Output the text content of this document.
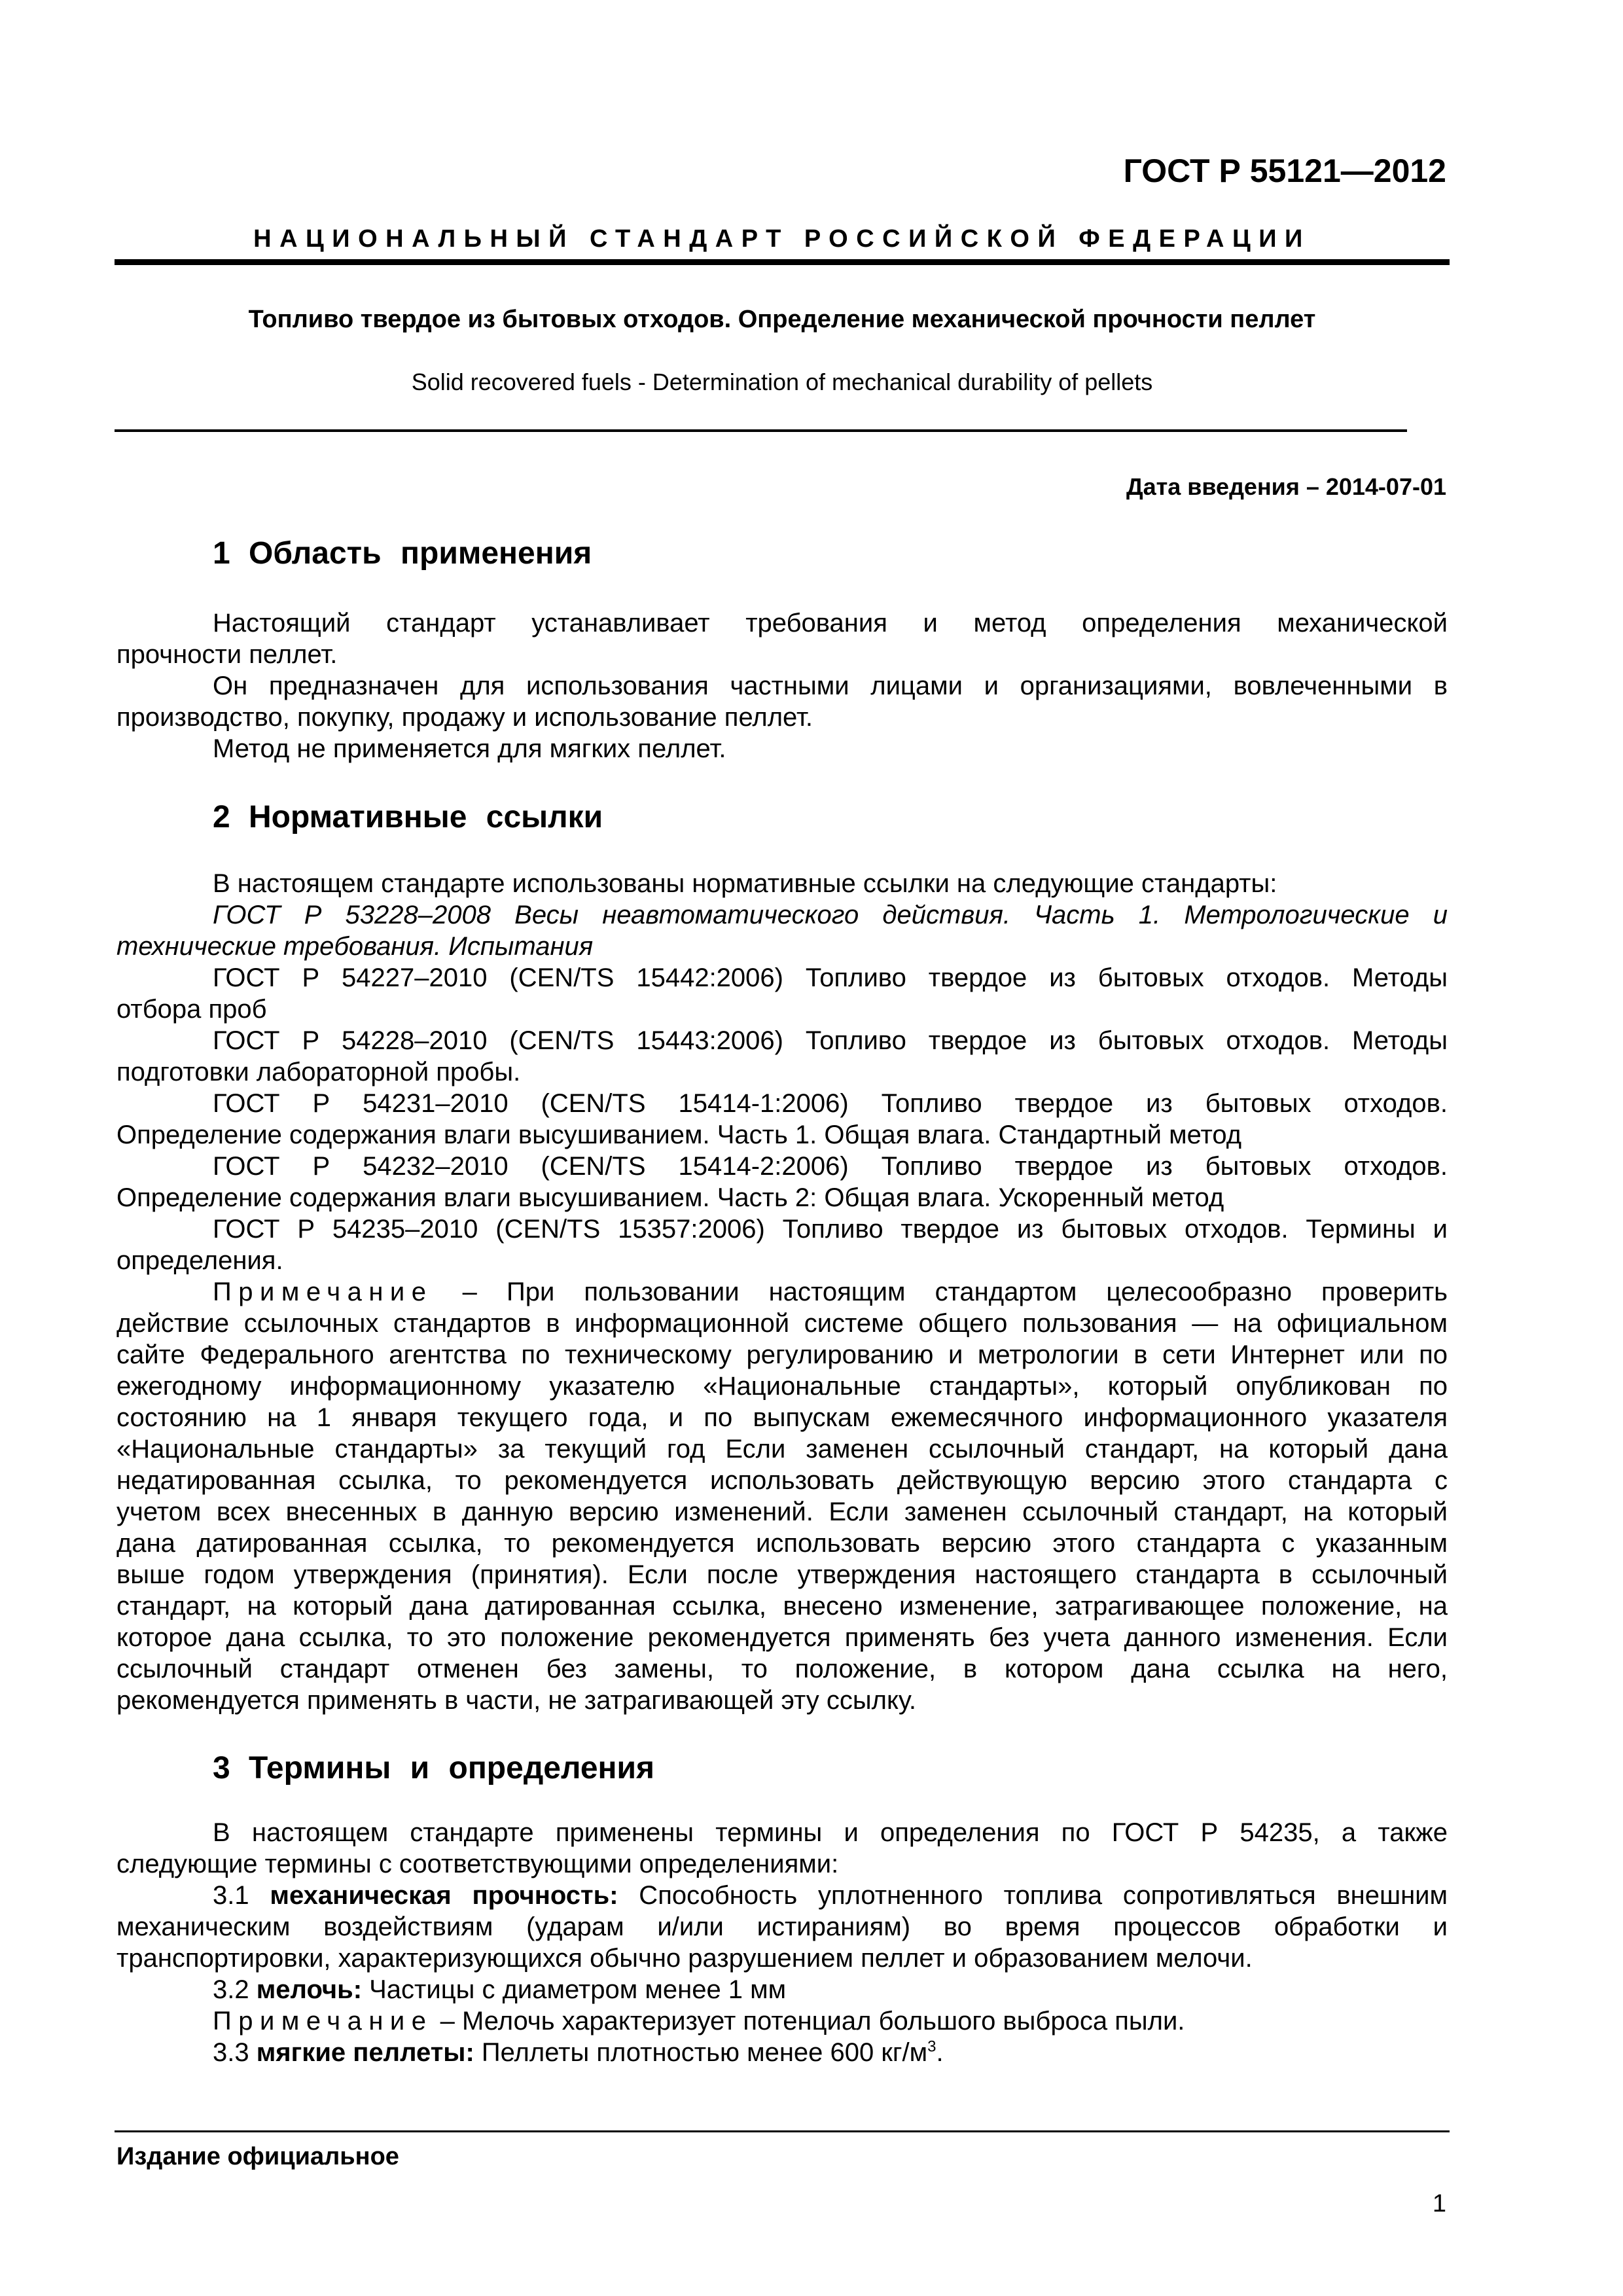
ГОСТ Р 55121—2012
НАЦИОНАЛЬНЫЙ СТАНДАРТ РОССИЙСКОЙ ФЕДЕРАЦИИ
Топливо твердое из бытовых отходов. Определение механической прочности пеллет
Solid recovered fuels - Determination of mechanical durability of pellets
Дата введения – 2014-07-01
1 Область применения
Настоящий стандарт устанавливает требования и метод определения механической
прочности пеллет.
Он предназначен для использования частными лицами и организациями, вовлеченными в
производство, покупку, продажу и использование пеллет.
Метод не применяется для мягких пеллет.
2 Нормативные ссылки
В настоящем стандарте использованы нормативные ссылки на следующие стандарты:
ГОСТ Р 53228–2008 Весы неавтоматического действия. Часть 1. Метрологические и
технические требования. Испытания
ГОСТ Р 54227–2010 (CEN/TS 15442:2006) Топливо твердое из бытовых отходов. Методы
отбора проб
ГОСТ Р 54228–2010 (CEN/TS 15443:2006) Топливо твердое из бытовых отходов. Методы
подготовки лабораторной пробы.
ГОСТ Р 54231–2010 (CEN/TS 15414-1:2006) Топливо твердое из бытовых отходов.
Определение содержания влаги высушиванием. Часть 1. Общая влага. Стандартный метод
ГОСТ Р 54232–2010 (CEN/TS 15414-2:2006) Топливо твердое из бытовых отходов.
Определение содержания влаги высушиванием. Часть 2: Общая влага. Ускоренный метод
ГОСТ Р 54235–2010 (CEN/TS 15357:2006) Топливо твердое из бытовых отходов. Термины и
определения.
Примечание – При пользовании настоящим стандартом целесообразно проверить
действие ссылочных стандартов в информационной системе общего пользования — на официальном
сайте Федерального агентства по техническому регулированию и метрологии в сети Интернет или по
ежегодному информационному указателю «Национальные стандарты», который опубликован по
состоянию на 1 января текущего года, и по выпускам ежемесячного информационного указателя
«Национальные стандарты» за текущий год Если заменен ссылочный стандарт, на который дана
недатированная ссылка, то рекомендуется использовать действующую версию этого стандарта с
учетом всех внесенных в данную версию изменений. Если заменен ссылочный стандарт, на который
дана датированная ссылка, то рекомендуется использовать версию этого стандарта с указанным
выше годом утверждения (принятия). Если после утверждения настоящего стандарта в ссылочный
стандарт, на который дана датированная ссылка, внесено изменение, затрагивающее положение, на
которое дана ссылка, то это положение рекомендуется применять без учета данного изменения. Если
ссылочный стандарт отменен без замены, то положение, в котором дана ссылка на него,
рекомендуется применять в части, не затрагивающей эту ссылку.
3 Термины и определения
В настоящем стандарте применены термины и определения по ГОСТ Р 54235, а также
следующие термины с соответствующими определениями:
3.1 механическая прочность: Способность уплотненного топлива сопротивляться внешним
механическим воздействиям (ударам и/или истираниям) во время процессов обработки и
транспортировки, характеризующихся обычно разрушением пеллет и образованием мелочи.
3.2 мелочь: Частицы с диаметром менее 1 мм
Примечание – Мелочь характеризует потенциал большого выброса пыли.
3.3 мягкие пеллеты: Пеллеты плотностью менее 600 $кг/м^3$.
Издание официальное
1
